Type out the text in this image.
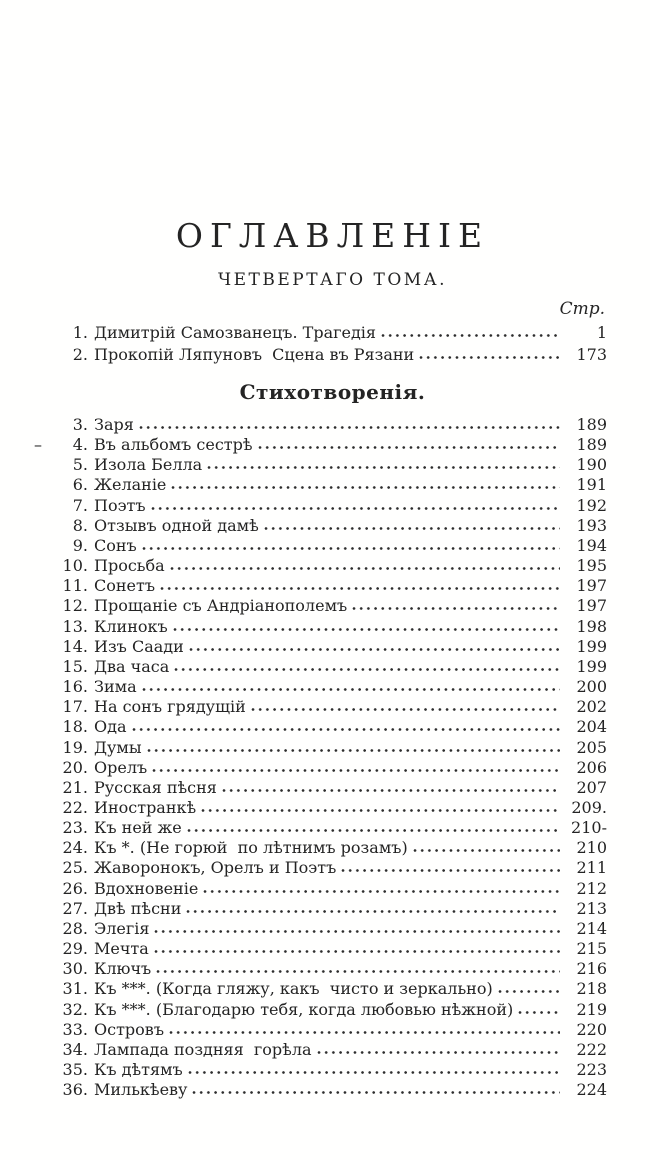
ОГЛАВЛЕНІЕ
ЧЕТВЕРТАГО ТОМА.
Стр.
1. Димитрій Самозванецъ. Трагедія	1
2. Прокопій Ляпуновъ  Сцена въ Рязани	173
Стихотворенія.
3. Заря	189
–	4. Въ альбомъ сестрѣ	189
5. Изола Белла	190
6. Желаніе	191
7. Поэтъ	192
8. Отзывъ одной дамѣ	193
9. Сонъ	194
10. Просьба	195
11. Сонетъ	197
12. Прощаніе съ Андріанополемъ	197
13. Клинокъ	198
14. Изъ Саади	199
15. Два часа	199
16. Зима	200
17. На сонъ грядущій	202
18. Ода	204
19. Думы	205
20. Орелъ	206
21. Русская пѣсня	207
22. Иностранкѣ	209.
23. Къ ней же	210-
24. Къ *. (Не горюй  по лѣтнимъ розамъ)	210
25. Жаворонокъ, Орелъ и Поэтъ	211
26. Вдохновеніе	212
27. Двѣ пѣсни	213
28. Элегія	214
29. Мечта	215
30. Ключъ	216
31. Къ ***. (Когда гляжу, какъ  чисто и зеркально)	218
32. Къ ***. (Благодарю тебя, когда любовью нѣжной)	219
33. Островъ	220
34. Лампада поздняя  горѣла	222
35. Къ дѣтямъ	223
36. Милькѣеву	224
